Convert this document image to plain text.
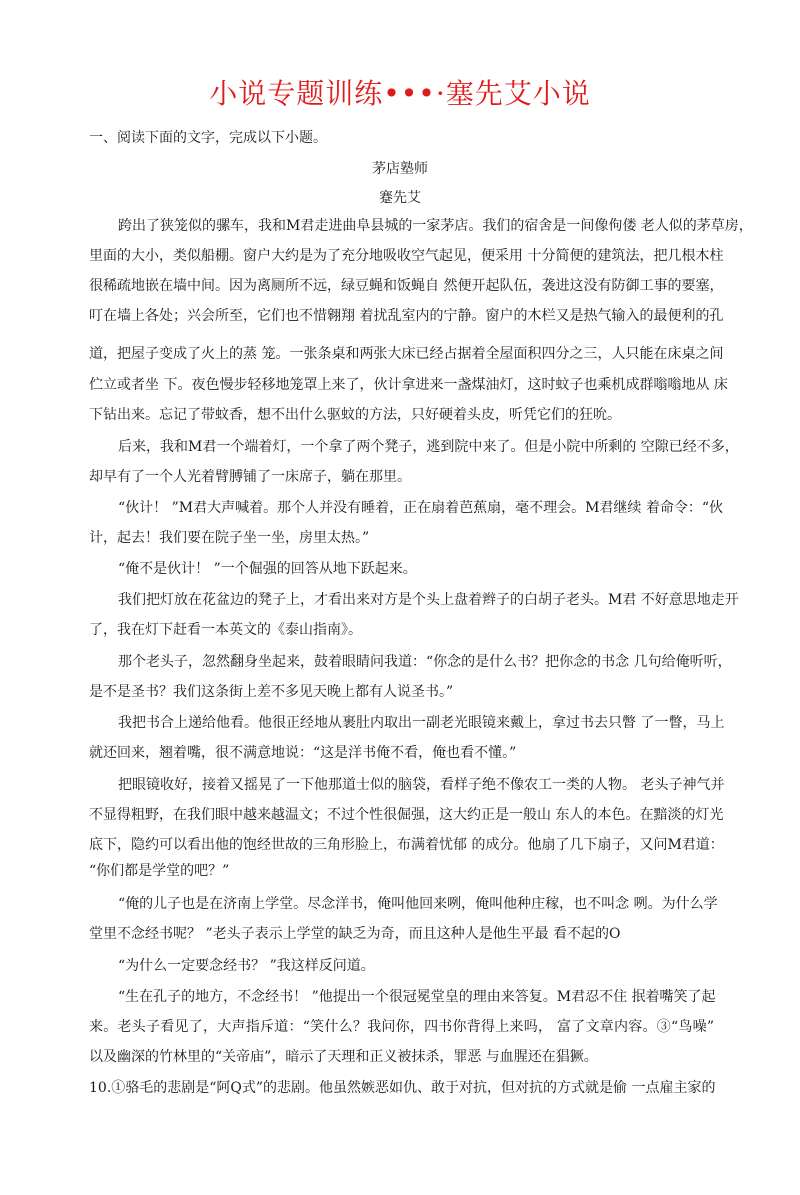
小说专题训练•••·塞先艾小说
一、阅读下面的文字，完成以下小题。
茅店塾师
蹇先艾
跨出了狭笼似的骡车，我和M君走进曲阜县城的一家茅店。我们的宿舍是一间像佝偻 老人似的茅草房，
里面的大小，类似船棚。窗户大约是为了充分地吸收空气起见，便采用 十分简便的建筑法，把几根木柱
很稀疏地嵌在墙中间。因为离厕所不远，绿豆蝇和饭蝇自 然便开起队伍，袭进这没有防御工事的要塞，
叮在墙上各处；兴会所至，它们也不惜翱翔 着扰乱室内的宁静。窗户的木栏又是热气输入的最便利的孔
道，把屋子变成了火上的蒸 笼。一张条桌和两张大床已经占据着全屋面积四分之三，人只能在床桌之间
伫立或者坐 下。夜色慢步轻移地笼罩上来了，伙计拿进来一盏煤油灯，这时蚊子也乘机成群嗡嗡地从 床
下钻出来。忘记了带蚊香，想不出什么驱蚊的方法，只好硬着头皮，听凭它们的狂吮。
后来，我和M君一个端着灯，一个拿了两个凳子，逃到院中来了。但是小院中所剩的 空隙已经不多，
却早有了一个人光着臂膊铺了一床席子，躺在那里。
“伙计！ ”M君大声喊着。那个人并没有睡着，正在扇着芭蕉扇，毫不理会。M君继续 着命令：“伙
计，起去！我们要在院子坐一坐，房里太热。”
“俺不是伙计！ ”一个倔强的回答从地下跃起来。
我们把灯放在花盆边的凳子上，才看出来对方是个头上盘着辫子的白胡子老头。M君 不好意思地走开
了，我在灯下赶看一本英文的《泰山指南》。
那个老头子，忽然翻身坐起来，鼓着眼睛问我道：“你念的是什么书？把你念的书念 几句给俺听听，
是不是圣书？我们这条街上差不多见天晚上都有人说圣书。”
我把书合上递给他看。他很正经地从裹肚内取出一副老光眼镜来戴上，拿过书去只瞥 了一瞥，马上
就还回来，翘着嘴，很不满意地说：“这是洋书俺不看，俺也看不懂。”
把眼镜收好，接着又摇晃了一下他那道士似的脑袋，看样子绝不像农工一类的人物。 老头子神气并
不显得粗野，在我们眼中越来越温文；不过个性很倔强，这大约正是一般山 东人的本色。在黯淡的灯光
底下，隐约可以看出他的饱经世故的三角形脸上，布满着忧郁 的成分。他扇了几下扇子，又问M君道：
“你们都是学堂的吧？”
“俺的儿子也是在济南上学堂。尽念洋书，俺叫他回来咧，俺叫他种庄稼，也不叫念 咧。为什么学
堂里不念经书呢？ ”老头子表示上学堂的缺乏为奇，而且这种人是他生平最 看不起的O
“为什么一定要念经书？ ”我这样反问道。
“生在孔子的地方，不念经书！ ”他提出一个很冠冕堂皇的理由来答复。M君忍不住 抿着嘴笑了起
来。老头子看见了，大声指斥道：“笑什么？我问你，四书你背得上来吗， 富了文章内容。③“鸟噪”
以及幽深的竹林里的“关帝庙”，暗示了天理和正义被抹杀，罪恶 与血腥还在猖獗。
10.①骆毛的悲剧是“阿Q式”的悲剧。他虽然嫉恶如仇、敢于对抗，但对抗的方式就是偷 一点雇主家的
